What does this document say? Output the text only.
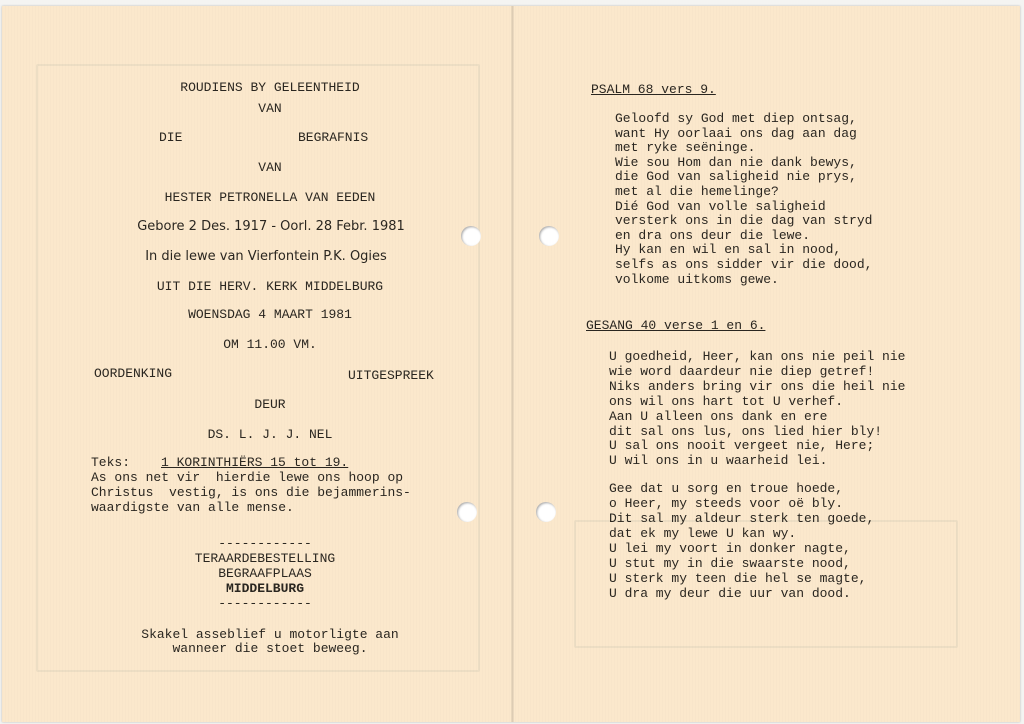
ROUDIENS BY GELEENTHEID
VAN
DIE	BEGRAFNIS
VAN
HESTER PETRONELLA VAN EEDEN
Gebore 2 Des. 1917 - Oorl. 28 Febr. 1981
In die lewe van Vierfontein P.K. Ogies
UIT DIE HERV. KERK MIDDELBURG
WOENSDAG 4 MAART 1981
OM 11.00 VM.
OORDENKING	UITGESPREEK
DEUR
DS. L. J. J. NEL
Teks: 1 KORINTHIËRS 15 tot 19.
As ons net vir  hierdie lewe ons hoop op
Christus  vestig, is ons die bejammerins-
waardigste van alle mense.
------------
TERAARDEBESTELLING
BEGRAAFPLAAS
MIDDELBURG
------------
Skakel asseblief u motorligte aan
wanneer die stoet beweeg.
PSALM 68 vers 9.
Geloofd sy God met diep ontsag,
want Hy oorlaai ons dag aan dag
met ryke seëninge.
Wie sou Hom dan nie dank bewys,
die God van saligheid nie prys,
met al die hemelinge?
Dié God van volle saligheid
versterk ons in die dag van stryd
en dra ons deur die lewe.
Hy kan en wil en sal in nood,
selfs as ons sidder vir die dood,
volkome uitkoms gewe.
GESANG 40 verse 1 en 6.
U goedheid, Heer, kan ons nie peil nie
wie word daardeur nie diep getref!
Niks anders bring vir ons die heil nie
ons wil ons hart tot U verhef.
Aan U alleen ons dank en ere
dit sal ons lus, ons lied hier bly!
U sal ons nooit vergeet nie, Here;
U wil ons in u waarheid lei.
Gee dat u sorg en troue hoede,
o Heer, my steeds voor oë bly.
Dit sal my aldeur sterk ten goede,
dat ek my lewe U kan wy.
U lei my voort in donker nagte,
U stut my in die swaarste nood,
U sterk my teen die hel se magte,
U dra my deur die uur van dood.
